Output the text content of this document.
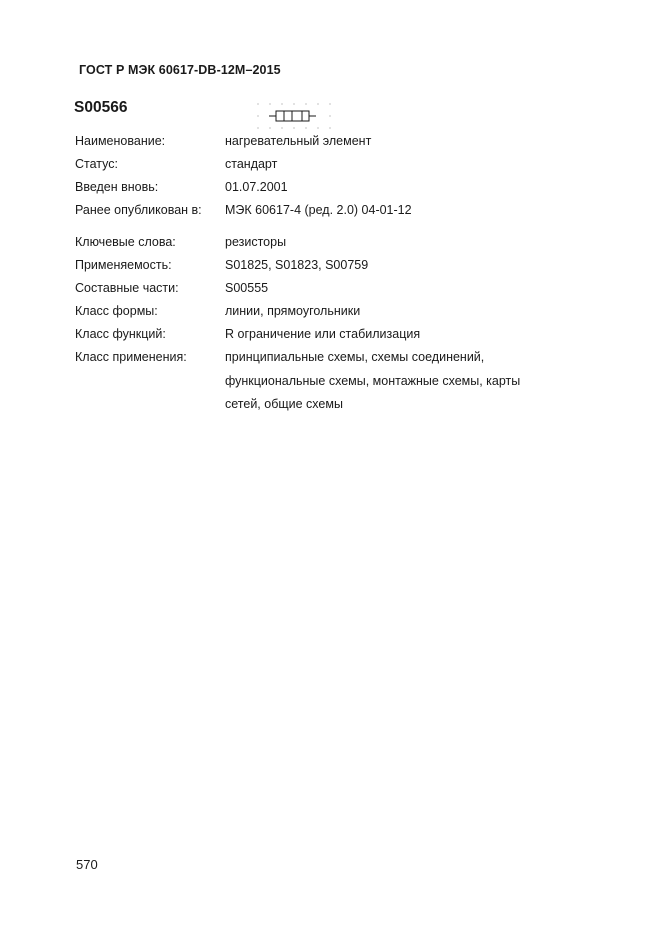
ГОСТ Р МЭК 60617-DB-12M–2015
S00566
Наименование:	нагревательный элемент
Статус:	стандарт
Введен вновь:	01.07.2001
Ранее опубликован в: МЭК 60617-4 (ред. 2.0) 04-01-12
Ключевые слова:	резисторы
Применяемость:	S01825, S01823, S00759
Составные части:	S00555
Класс формы:	линии, прямоугольники
Класс функций:	R ограничение или стабилизация
Класс применения:	принципиальные схемы, схемы соединений,
функциональные схемы, монтажные схемы, карты
сетей, общие схемы
570
